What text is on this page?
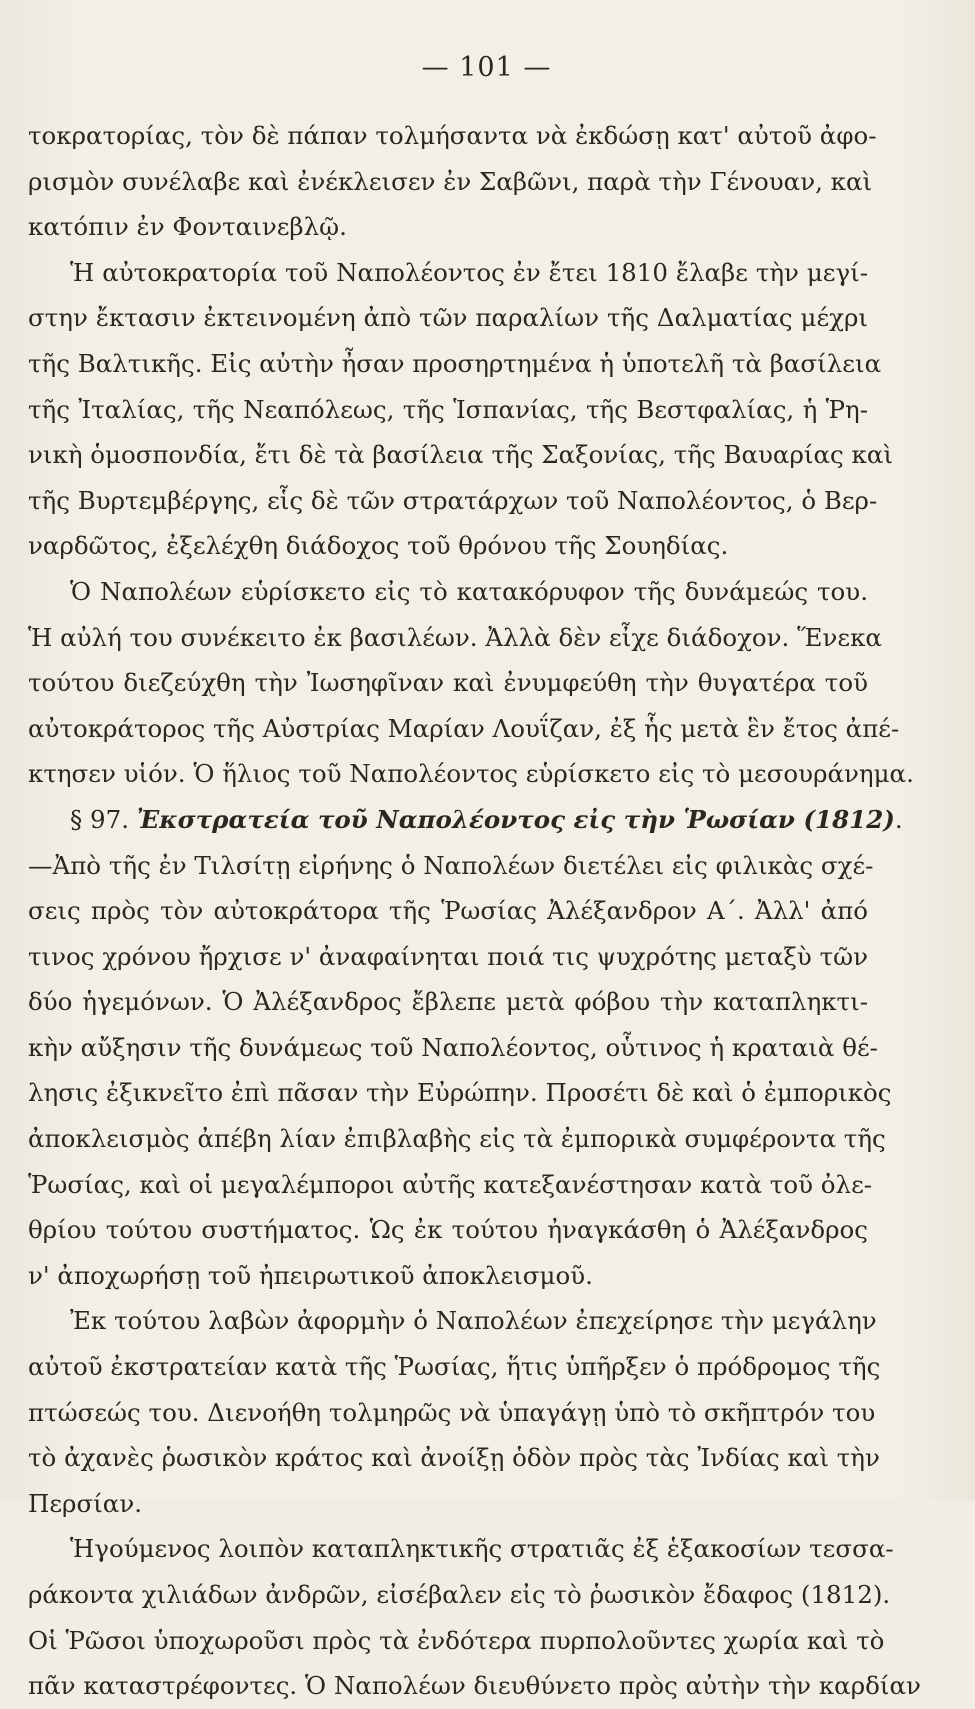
— 101 —
τοκρατορίας, τὸν δὲ πάπαν τολμήσαντα νὰ ἐκδώσῃ κατ' αὐτοῦ ἀφο-
ρισμὸν συνέλαβε καὶ ἐνέκλεισεν ἐν Σαβῶνι, παρὰ τὴν Γένουαν, καὶ
κατόπιν ἐν Φονταινεβλῷ.
Ἡ αὐτοκρατορία τοῦ Ναπολέοντος ἐν ἔτει 1810 ἔλαβε τὴν μεγί-
στην ἔκτασιν ἐκτεινομένη ἀπὸ τῶν παραλίων τῆς Δαλματίας μέχρι
τῆς Βαλτικῆς. Εἰς αὐτὴν ἦσαν προσηρτημένα ἡ ὑποτελῆ τὰ βασίλεια
τῆς Ἰταλίας, τῆς Νεαπόλεως, τῆς Ἱσπανίας, τῆς Βεστφαλίας, ἡ Ῥη-
νικὴ ὁμοσπονδία, ἔτι δὲ τὰ βασίλεια τῆς Σαξονίας, τῆς Βαυαρίας καὶ
τῆς Βυρτεμβέργης, εἷς δὲ τῶν στρατάρχων τοῦ Ναπολέοντος, ὁ Βερ-
ναρδῶτος, ἐξελέχθη διάδοχος τοῦ θρόνου τῆς Σουηδίας.
Ὁ Ναπολέων εὑρίσκετο εἰς τὸ κατακόρυφον τῆς δυνάμεώς του.
Ἡ αὐλή του συνέκειτο ἐκ βασιλέων. Ἀλλὰ δὲν εἶχε διάδοχον. Ἕνεκα
τούτου διεζεύχθη τὴν Ἰωσηφῖναν καὶ ἐνυμφεύθη τὴν θυγατέρα τοῦ
αὐτοκράτορος τῆς Αὐστρίας Μαρίαν Λουΐζαν, ἐξ ἧς μετὰ ἓν ἔτος ἀπέ-
κτησεν υἱόν. Ὁ ἥλιος τοῦ Ναπολέοντος εὑρίσκετο εἰς τὸ μεσουράνημα.
§ 97. Ἐκστρατεία τοῦ Ναπολέοντος εἰς τὴν Ῥωσίαν (1812).
—Ἀπὸ τῆς ἐν Τιλσίτῃ εἰρήνης ὁ Ναπολέων διετέλει εἰς φιλικὰς σχέ-
σεις πρὸς τὸν αὐτοκράτορα τῆς Ῥωσίας Ἀλέξανδρον Α΄. Ἀλλ' ἀπό
τινος χρόνου ἤρχισε ν' ἀναφαίνηται ποιά τις ψυχρότης μεταξὺ τῶν
δύο ἡγεμόνων. Ὁ Ἀλέξανδρος ἔβλεπε μετὰ φόβου τὴν καταπληκτι-
κὴν αὔξησιν τῆς δυνάμεως τοῦ Ναπολέοντος, οὗτινος ἡ κραταιὰ θέ-
λησις ἐξικνεῖτο ἐπὶ πᾶσαν τὴν Εὐρώπην. Προσέτι δὲ καὶ ὁ ἐμπορικὸς
ἀποκλεισμὸς ἀπέβη λίαν ἐπιβλαβὴς εἰς τὰ ἐμπορικὰ συμφέροντα τῆς
Ῥωσίας, καὶ οἱ μεγαλέμποροι αὐτῆς κατεξανέστησαν κατὰ τοῦ ὀλε-
θρίου τούτου συστήματος. Ὡς ἐκ τούτου ἠναγκάσθη ὁ Ἀλέξανδρος
ν' ἀποχωρήσῃ τοῦ ἠπειρωτικοῦ ἀποκλεισμοῦ.
Ἐκ τούτου λαβὼν ἀφορμὴν ὁ Ναπολέων ἐπεχείρησε τὴν μεγάλην
αὐτοῦ ἐκστρατείαν κατὰ τῆς Ῥωσίας, ἥτις ὑπῆρξεν ὁ πρόδρομος τῆς
πτώσεώς του. Διενοήθη τολμηρῶς νὰ ὑπαγάγῃ ὑπὸ τὸ σκῆπτρόν του
τὸ ἀχανὲς ῥωσικὸν κράτος καὶ ἀνοίξῃ ὁδὸν πρὸς τὰς Ἰνδίας καὶ τὴν
Περσίαν.
Ἡγούμενος λοιπὸν καταπληκτικῆς στρατιᾶς ἐξ ἑξακοσίων τεσσα-
ράκοντα χιλιάδων ἀνδρῶν, εἰσέβαλεν εἰς τὸ ῥωσικὸν ἔδαφος (1812).
Οἱ Ῥῶσοι ὑποχωροῦσι πρὸς τὰ ἐνδότερα πυρπολοῦντες χωρία καὶ τὸ
πᾶν καταστρέφοντες. Ὁ Ναπολέων διευθύνετο πρὸς αὐτὴν τὴν καρδίαν
